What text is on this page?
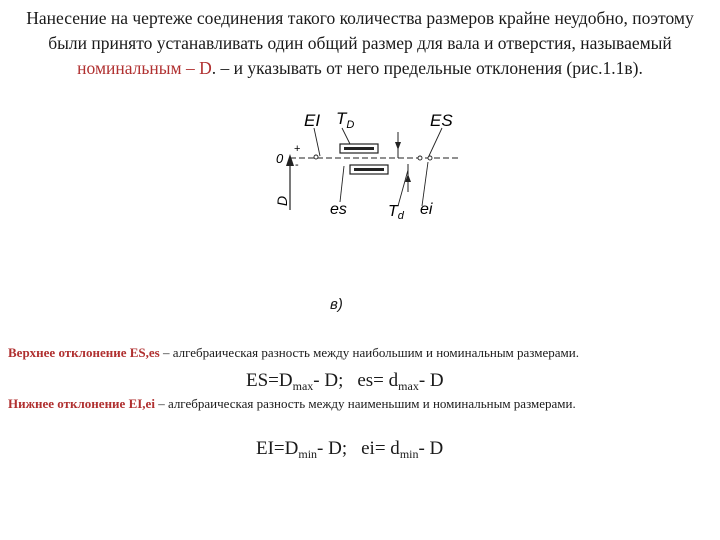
Нанесение на чертеже соединения такого количества размеров крайне неудобно, поэтому
были принято устанавливать один общий размер для вала и отверстия, называемый
номинальным – D. – и указывать от него предельные отклонения (рис.1.1в).
EI $T_D$	ES
0
+
-
D
es	Td ei
в)
Верхнее отклонение ES,es – алгебраическая разность между наибольшим и номинальным размерами.
$ES=D_{max}-$ D; $es= d_{max}-$ D
Нижнее отклонение EI,ei – алгебраическая разность между наименьшим и номинальным размерами.
$EI=D_{min}-$ D; $ei= d_{min}-$ D
